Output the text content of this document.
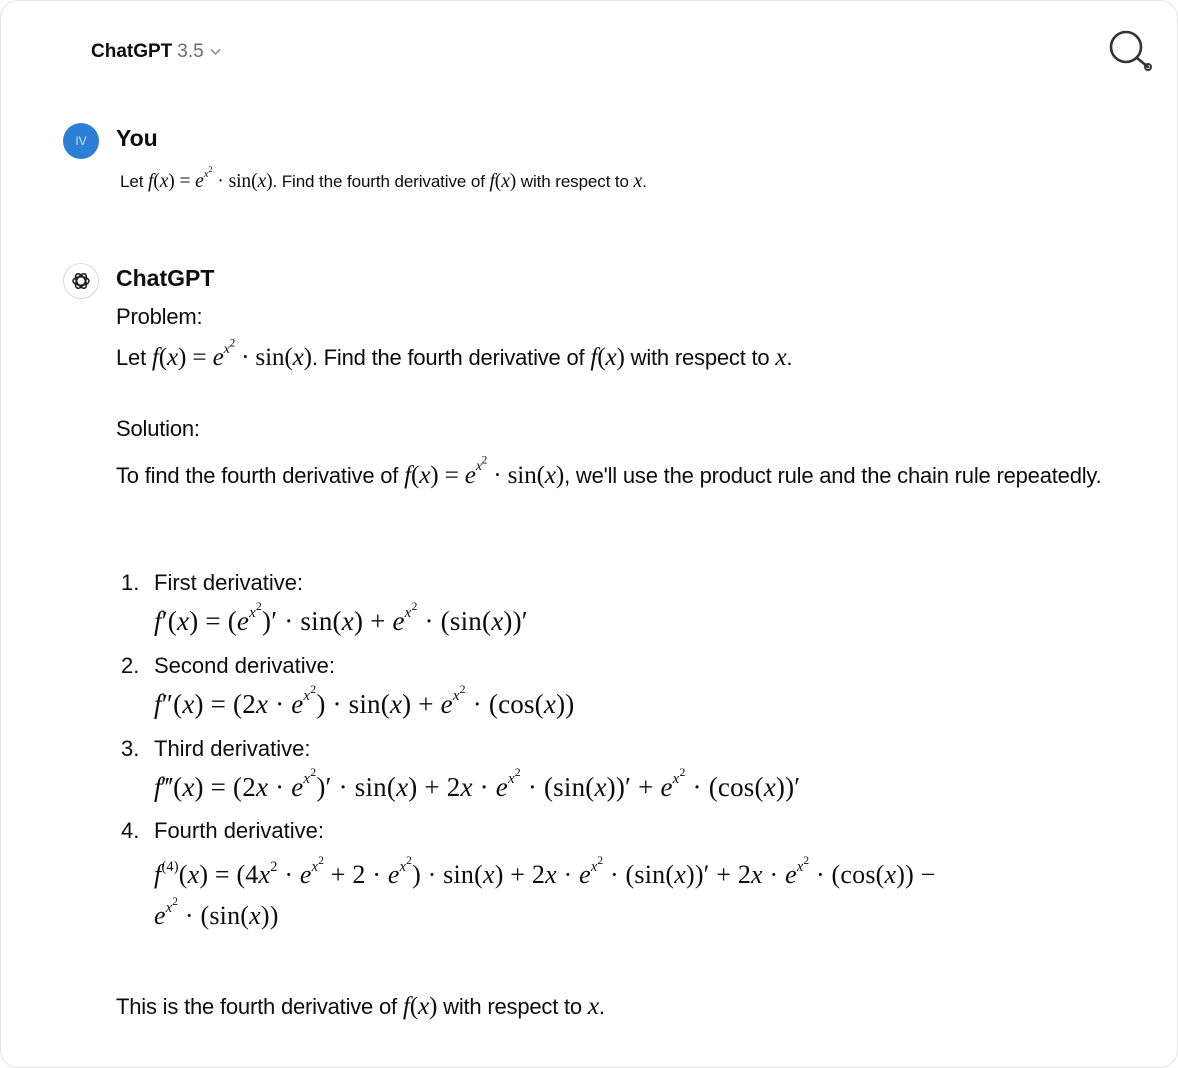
ChatGPT 3.5
IV You
Let $f(x) = e^{x^2} \cdot \sin(x)$. Find the fourth derivative of f(x) with respect to x.
ChatGPT
Problem:
Let $f(x) = e^{x^2} \cdot \sin(x)$. Find the fourth derivative of f(x) with respect to x.
Solution:
To find the fourth derivative of $f(x) = e^{x^2} \cdot \sin(x)$, we'll use the product rule and the chain rule repeatedly.
1. First derivative:
$f'(x) = (e^{x^2})' \cdot \sin(x) + e^{x^2} \cdot (\sin(x))'$
2. Second derivative:
$f''(x) = (2x \cdot e^{x^2}) \cdot \sin(x) + e^{x^2} \cdot (\cos(x))$
3. Third derivative:
f‴(x) = $(2x \cdot e^{x^2})' \cdot \sin(x) + 2x \cdot e^{x^2} \cdot (\sin(x))' + e^{x^2} \cdot (\cos(x))'$
4. Fourth derivative:
$f^{(4)}(x) = (4x^2 \cdot e^{x^2} + 2 \cdot e^{x^2}) \cdot \sin(x) + 2x \cdot e^{x^2} \cdot (\sin(x))' + 2x \cdot e^{x^2} \cdot (\cos(x))$ −
$e^{x^2} \cdot (\sin(x))$
This is the fourth derivative of f(x) with respect to x.
